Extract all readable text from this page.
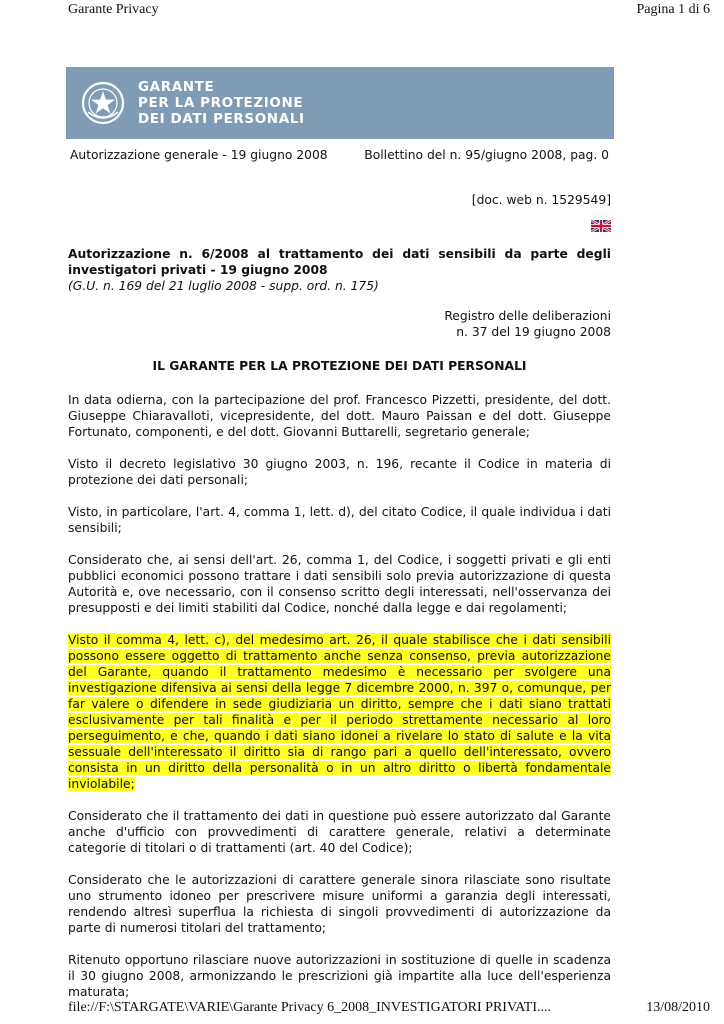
Garante Privacy	Pagina 1 di 6
GARANTE
PER LA PROTEZIONE
DEI DATI PERSONALI
Autorizzazione generale - 19 giugno 2008	Bollettino del n. 95/giugno 2008, pag. 0
[doc. web n. 1529549]
Autorizzazione n. 6/2008 al trattamento dei dati sensibili da parte degli investigatori privati - 19 giugno 2008
(G.U. n. 169 del 21 luglio 2008 - supp. ord. n. 175)
Registro delle deliberazioni
n. 37 del 19 giugno 2008
IL GARANTE PER LA PROTEZIONE DEI DATI PERSONALI

In data odierna, con la partecipazione del prof. Francesco Pizzetti, presidente, del dott. Giuseppe Chiaravalloti, vicepresidente, del dott. Mauro Paissan e del dott. Giuseppe Fortunato, componenti, e del dott. Giovanni Buttarelli, segretario generale;

Visto il decreto legislativo 30 giugno 2003, n. 196, recante il Codice in materia di protezione dei dati personali;

Visto, in particolare, l'art. 4, comma 1, lett. d), del citato Codice, il quale individua i dati sensibili;

Considerato che, ai sensi dell'art. 26, comma 1, del Codice, i soggetti privati e gli enti pubblici economici possono trattare i dati sensibili solo previa autorizzazione di questa Autorità e, ove necessario, con il consenso scritto degli interessati, nell'osservanza dei presupposti e dei limiti stabiliti dal Codice, nonché dalla legge e dai regolamenti;

Visto il comma 4, lett. c), del medesimo art. 26, il quale stabilisce che i dati sensibili possono essere oggetto di trattamento anche senza consenso, previa autorizzazione del Garante, quando il trattamento medesimo è necessario per svolgere una investigazione difensiva ai sensi della legge 7 dicembre 2000, n. 397 o, comunque, per far valere o difendere in sede giudiziaria un diritto, sempre che i dati siano trattati esclusivamente per tali finalità e per il periodo strettamente necessario al loro perseguimento, e che, quando i dati siano idonei a rivelare lo stato di salute e la vita sessuale dell'interessato il diritto sia di rango pari a quello dell'interessato, ovvero consista in un diritto della personalità o in un altro diritto o libertà fondamentale inviolabile;

Considerato che il trattamento dei dati in questione può essere autorizzato dal Garante anche d'ufficio con provvedimenti di carattere generale, relativi a determinate categorie di titolari o di trattamenti (art. 40 del Codice);

Considerato che le autorizzazioni di carattere generale sinora rilasciate sono risultate uno strumento idoneo per prescrivere misure uniformi a garanzia degli interessati, rendendo altresì superflua la richiesta di singoli provvedimenti di autorizzazione da parte di numerosi titolari del trattamento;

Ritenuto opportuno rilasciare nuove autorizzazioni in sostituzione di quelle in scadenza il 30 giugno 2008, armonizzando le prescrizioni già impartite alla luce dell'esperienza maturata;

file://F:\STARGATE\VARIE\Garante Privacy 6_2008_INVESTIGATORI PRIVATI....	13/08/2010
